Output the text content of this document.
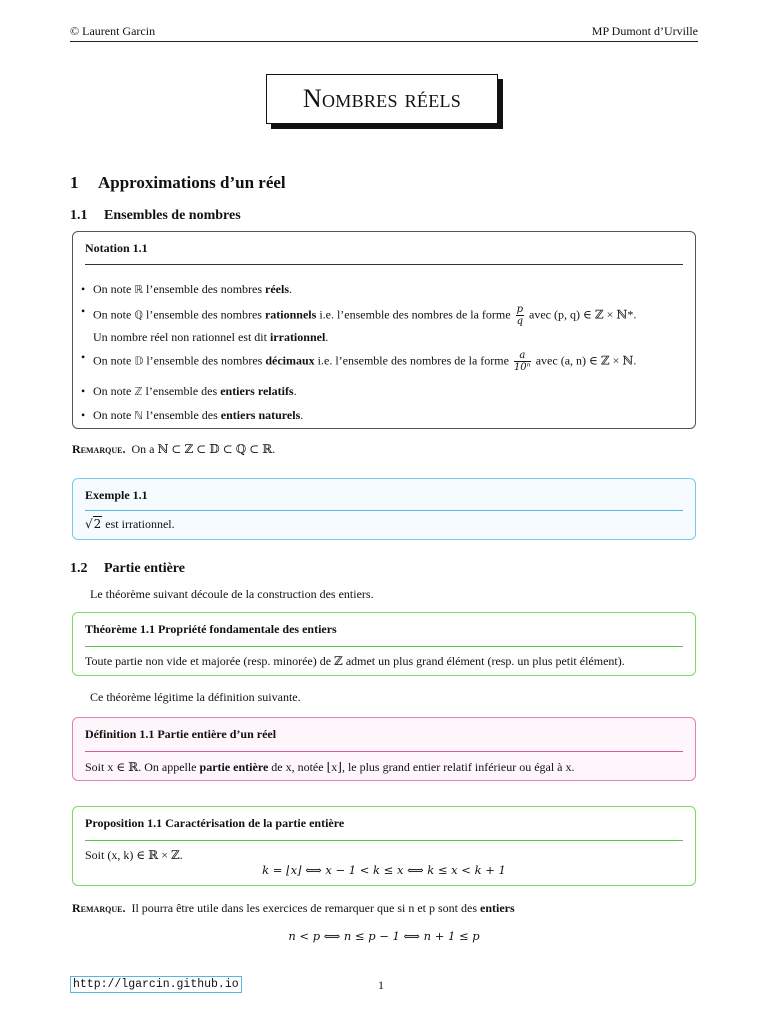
© Laurent Garcin	MP Dumont d’Urville
Nombres réels
1 Approximations d’un réel
1.1 Ensembles de nombres
Notation 1.1
• On note ℝ l’ensemble des nombres réels.
• On note ℚ l’ensemble des nombres rationnels i.e. l’ensemble des nombres de la forme $\frac{p}{q}$ avec (p, q) ∈ ℤ × ℕ*.
Un nombre réel non rationnel est dit irrationnel.
• On note 𝔻 l’ensemble des nombres décimaux i.e. l’ensemble des nombres de la forme $\frac{a}{\text{10ⁿ}}$ avec (a, n) ∈ ℤ × ℕ.
• On note ℤ l’ensemble des entiers relatifs.
• On note ℕ l’ensemble des entiers naturels.
Remarque. On a ℕ ⊂ ℤ ⊂ 𝔻 ⊂ ℚ ⊂ ℝ.
Exemple 1.1
√2 est irrationnel.
1.2 Partie entière
Le théorème suivant découle de la construction des entiers.
Théorème 1.1 Propriété fondamentale des entiers
Toute partie non vide et majorée (resp. minorée) de ℤ admet un plus grand élément (resp. un plus petit élément).
Ce théorème légitime la définition suivante.
Définition 1.1 Partie entière d’un réel
Soit x ∈ ℝ. On appelle partie entière de x, notée ⌊x⌋, le plus grand entier relatif inférieur ou égal à x.
Proposition 1.1 Caractérisation de la partie entière
Soit (x, k) ∈ ℝ × ℤ.
k = ⌊x⌋ ⟺ x − 1 < k ≤ x ⟺ k ≤ x < k + 1
Remarque. Il pourra être utile dans les exercices de remarquer que si n et p sont des entiers
n < p ⟺ n ≤ p − 1 ⟺ n + 1 ≤ p
http://lgarcin.github.io	1
